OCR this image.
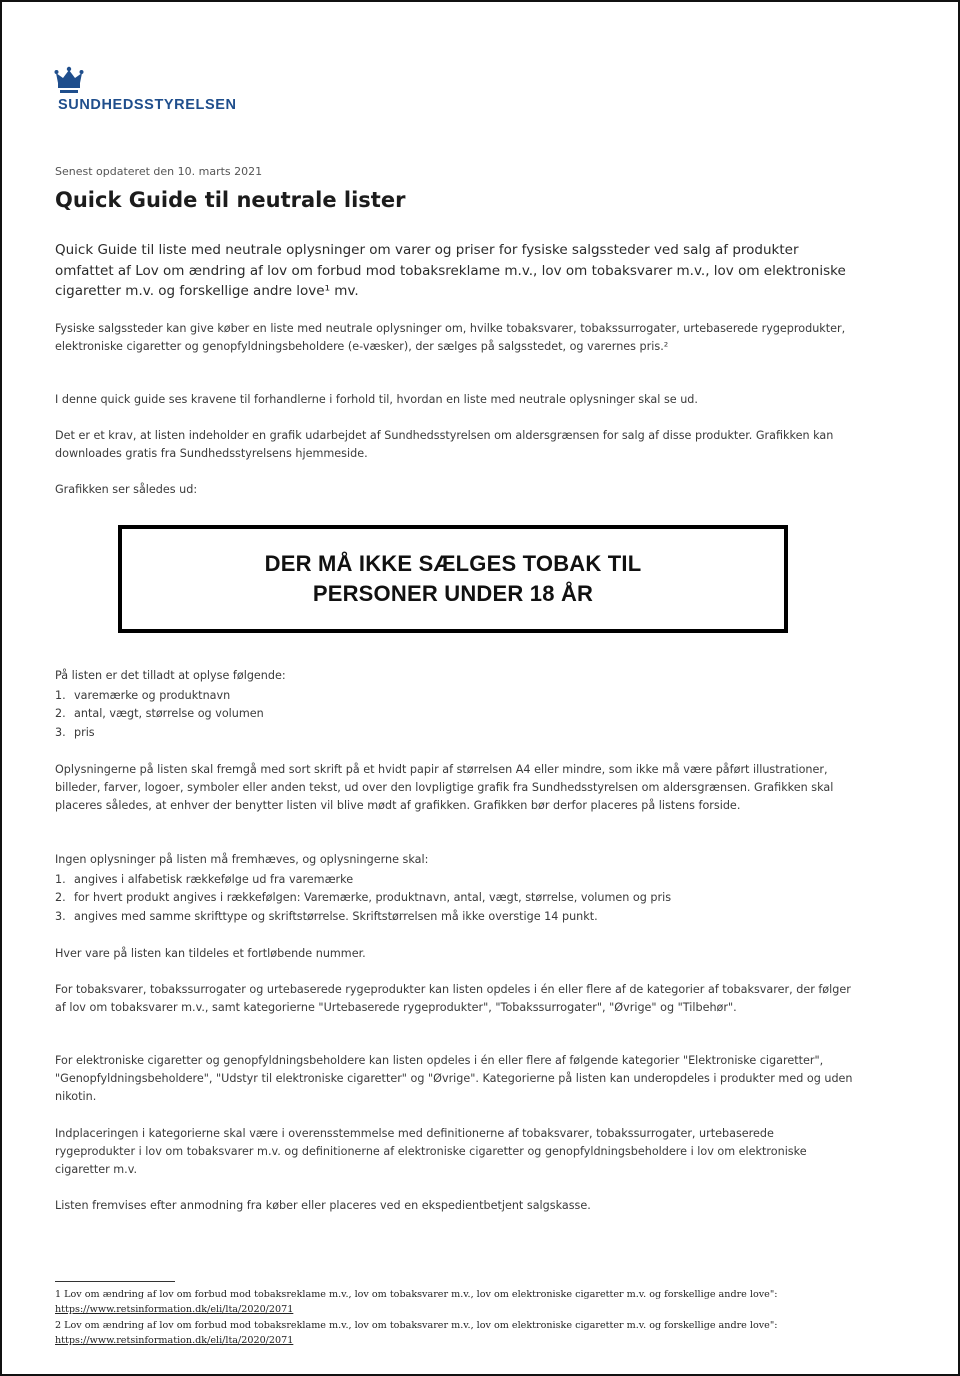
SUNDHEDSSTYRELSEN
Senest opdateret den 10. marts 2021
Quick Guide til neutrale lister
Quick Guide til liste med neutrale oplysninger om varer og priser for fysiske salgssteder ved salg af produkter omfattet af Lov om ændring af lov om forbud mod tobaksreklame m.v., lov om tobaksvarer m.v., lov om elektroniske cigaretter m.v. og forskellige andre love¹ mv.
Fysiske salgssteder kan give køber en liste med neutrale oplysninger om, hvilke tobaksvarer, tobakssurrogater, urtebaserede rygeprodukter, elektroniske cigaretter og genopfyldningsbeholdere (e-væsker), der sælges på salgsstedet, og varernes pris.²
I denne quick guide ses kravene til forhandlerne i forhold til, hvordan en liste med neutrale oplysninger skal se ud.
Det er et krav, at listen indeholder en grafik udarbejdet af Sundhedsstyrelsen om aldersgrænsen for salg af disse produkter. Grafikken kan downloades gratis fra Sundhedsstyrelsens hjemmeside.
Grafikken ser således ud:
DER MÅ IKKE SÆLGES TOBAK TIL
PERSONER UNDER 18 ÅR
På listen er det tilladt at oplyse følgende:
1. varemærke og produktnavn
2. antal, vægt, størrelse og volumen
3. pris
Oplysningerne på listen skal fremgå med sort skrift på et hvidt papir af størrelsen A4 eller mindre, som ikke må være påført illustrationer, billeder, farver, logoer, symboler eller anden tekst, ud over den lovpligtige grafik fra Sundhedsstyrelsen om aldersgrænsen. Grafikken skal placeres således, at enhver der benytter listen vil blive mødt af grafikken. Grafikken bør derfor placeres på listens forside.
Ingen oplysninger på listen må fremhæves, og oplysningerne skal:
1. angives i alfabetisk rækkefølge ud fra varemærke
2. for hvert produkt angives i rækkefølgen: Varemærke, produktnavn, antal, vægt, størrelse, volumen og pris
3. angives med samme skrifttype og skriftstørrelse. Skriftstørrelsen må ikke overstige 14 punkt.
Hver vare på listen kan tildeles et fortløbende nummer.
For tobaksvarer, tobakssurrogater og urtebaserede rygeprodukter kan listen opdeles i én eller flere af de kategorier af tobaksvarer, der følger af lov om tobaksvarer m.v., samt kategorierne "Urtebaserede rygeprodukter", "Tobakssurrogater", "Øvrige" og "Tilbehør".
For elektroniske cigaretter og genopfyldningsbeholdere kan listen opdeles i én eller flere af følgende kategorier "Elektroniske cigaretter", "Genopfyldningsbeholdere", "Udstyr til elektroniske cigaretter" og "Øvrige". Kategorierne på listen kan underopdeles i produkter med og uden nikotin.
Indplaceringen i kategorierne skal være i overensstemmelse med definitionerne af tobaksvarer, tobakssurrogater, urtebaserede rygeprodukter i lov om tobaksvarer m.v. og definitionerne af elektroniske cigaretter og genopfyldningsbeholdere i lov om elektroniske cigaretter m.v.
Listen fremvises efter anmodning fra køber eller placeres ved en ekspedientbetjent salgskasse.
1 Lov om ændring af lov om forbud mod tobaksreklame m.v., lov om tobaksvarer m.v., lov om elektroniske cigaretter m.v. og forskellige andre love":
https://www.retsinformation.dk/eli/lta/2020/2071
2 Lov om ændring af lov om forbud mod tobaksreklame m.v., lov om tobaksvarer m.v., lov om elektroniske cigaretter m.v. og forskellige andre love":
https://www.retsinformation.dk/eli/lta/2020/2071
